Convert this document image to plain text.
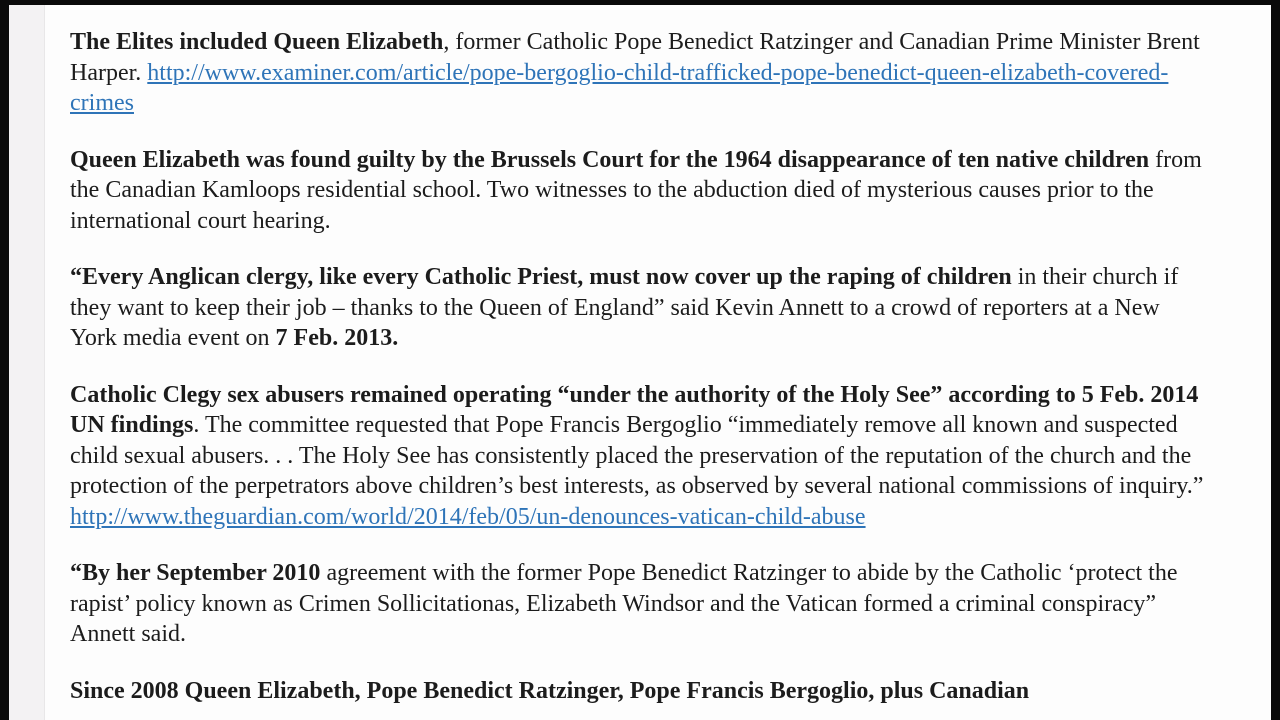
The Elites included Queen Elizabeth, former Catholic Pope Benedict Ratzinger and Canadian Prime Minister Brent Harper. http://www.examiner.com/article/pope-bergoglio-child-trafficked-pope-benedict-queen-elizabeth-covered-crimes

Queen Elizabeth was found guilty by the Brussels Court for the 1964 disappearance of ten native children from the Canadian Kamloops residential school. Two witnesses to the abduction died of mysterious causes prior to the international court hearing.

“Every Anglican clergy, like every Catholic Priest, must now cover up the raping of children in their church if they want to keep their job – thanks to the Queen of England” said Kevin Annett to a crowd of reporters at a New York media event on 7 Feb. 2013.

Catholic Clegy sex abusers remained operating “under the authority of the Holy See” according to 5 Feb. 2014 UN findings. The committee requested that Pope Francis Bergoglio “immediately remove all known and suspected child sexual abusers. . . The Holy See has consistently placed the preservation of the reputation of the church and the protection of the perpetrators above children’s best interests, as observed by several national commissions of inquiry.” http://www.theguardian.com/world/2014/feb/05/un-denounces-vatican-child-abuse

“By her September 2010 agreement with the former Pope Benedict Ratzinger to abide by the Catholic ‘protect the rapist’ policy known as Crimen Sollicitationas, Elizabeth Windsor and the Vatican formed a criminal conspiracy” Annett said.

Since 2008 Queen Elizabeth, Pope Benedict Ratzinger, Pope Francis Bergoglio, plus Canadian
